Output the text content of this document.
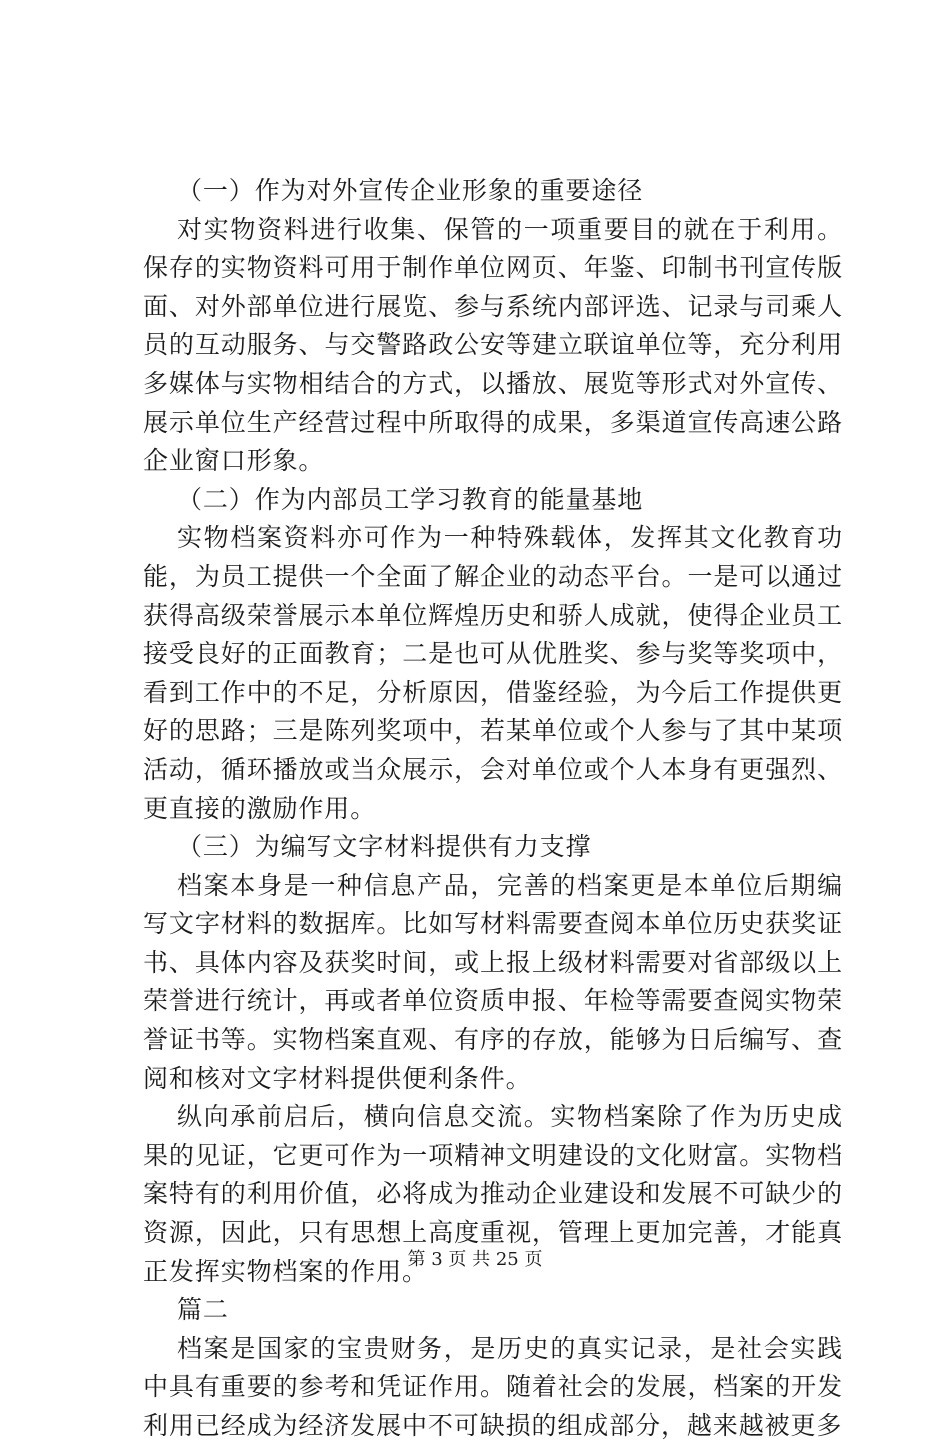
（一）作为对外宣传企业形象的重要途径

对实物资料进行收集、保管的一项重要目的就在于利用。保存的实物资料可用于制作单位网页、年鉴、印制书刊宣传版面、对外部单位进行展览、参与系统内部评选、记录与司乘人员的互动服务、与交警路政公安等建立联谊单位等，充分利用多媒体与实物相结合的方式，以播放、展览等形式对外宣传、展示单位生产经营过程中所取得的成果，多渠道宣传高速公路企业窗口形象。

（二）作为内部员工学习教育的能量基地

实物档案资料亦可作为一种特殊载体，发挥其文化教育功能，为员工提供一个全面了解企业的动态平台。一是可以通过获得高级荣誉展示本单位辉煌历史和骄人成就，使得企业员工接受良好的正面教育；二是也可从优胜奖、参与奖等奖项中，看到工作中的不足，分析原因，借鉴经验，为今后工作提供更好的思路；三是陈列奖项中，若某单位或个人参与了其中某项活动，循环播放或当众展示，会对单位或个人本身有更强烈、更直接的激励作用。

（三）为编写文字材料提供有力支撑

档案本身是一种信息产品，完善的档案更是本单位后期编写文字材料的数据库。比如写材料需要查阅本单位历史获奖证书、具体内容及获奖时间，或上报上级材料需要对省部级以上荣誉进行统计，再或者单位资质申报、年检等需要查阅实物荣誉证书等。实物档案直观、有序的存放，能够为日后编写、查阅和核对文字材料提供便利条件。

纵向承前启后，横向信息交流。实物档案除了作为历史成果的见证，它更可作为一项精神文明建设的文化财富。实物档案特有的利用价值，必将成为推动企业建设和发展不可缺少的资源，因此，只有思想上高度重视，管理上更加完善，才能真正发挥实物档案的作用。

篇二

档案是国家的宝贵财务，是历史的真实记录，是社会实践中具有重要的参考和凭证作用。随着社会的发展，档案的开发利用已经成为经济发展中不可缺损的组成部分，越来越被更多

第 3 页 共 25 页
